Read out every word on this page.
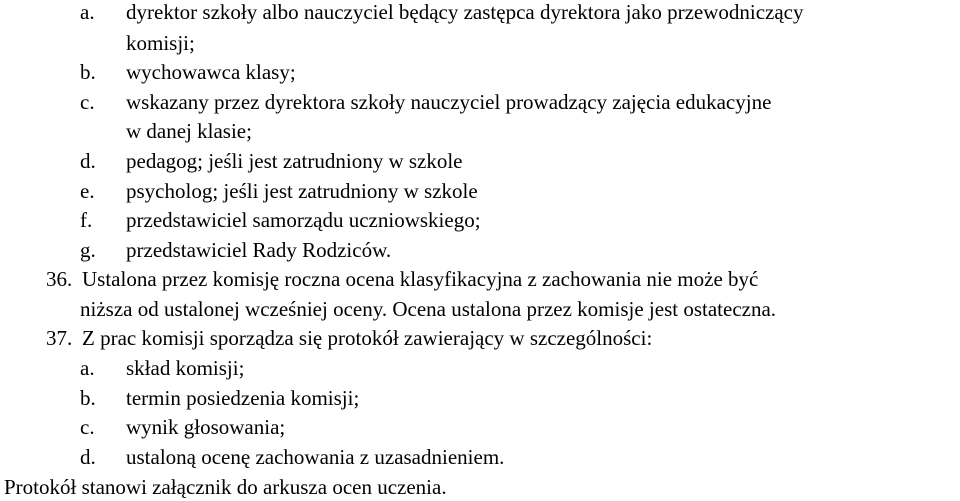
a. dyrektor szkoły albo nauczyciel będący zastępca dyrektora jako przewodniczący
komisji;
b. wychowawca klasy;
c. wskazany przez dyrektora szkoły nauczyciel prowadzący zajęcia edukacyjne
w danej klasie;
d. pedagog; jeśli jest zatrudniony w szkole
e. psycholog; jeśli jest zatrudniony w szkole
f. przedstawiciel samorządu uczniowskiego;
g. przedstawiciel Rady Rodziców.
36. Ustalona przez komisję roczna ocena klasyfikacyjna z zachowania nie może być
niższa od ustalonej wcześniej oceny. Ocena ustalona przez komisje jest ostateczna.
37. Z prac komisji sporządza się protokół zawierający w szczególności:
a. skład komisji;
b. termin posiedzenia komisji;
c. wynik głosowania;
d. ustaloną ocenę zachowania z uzasadnieniem.
Protokół stanowi załącznik do arkusza ocen uczenia.
